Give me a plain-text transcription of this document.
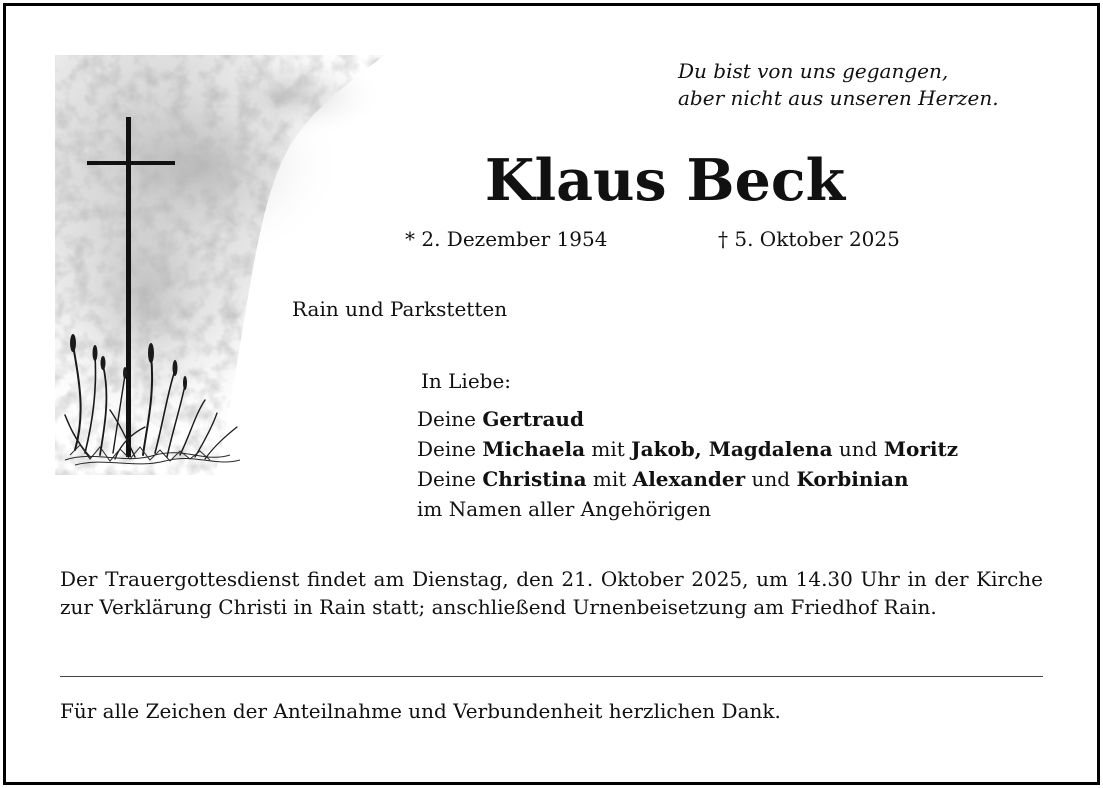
Du bist von uns gegangen,
aber nicht aus unseren Herzen.
Klaus Beck
* 2. Dezember 1954	† 5. Oktober 2025
Rain und Parkstetten
In Liebe:
Deine Gertraud
Deine Michaela mit Jakob, Magdalena und Moritz
Deine Christina mit Alexander und Korbinian
im Namen aller Angehörigen
Der Trauergottesdienst findet am Dienstag, den 21. Oktober 2025, um 14.30 Uhr in der Kirche zur Verklärung Christi in Rain statt; anschließend Urnenbeisetzung am Friedhof Rain.
Für alle Zeichen der Anteilnahme und Verbundenheit herzlichen Dank.
